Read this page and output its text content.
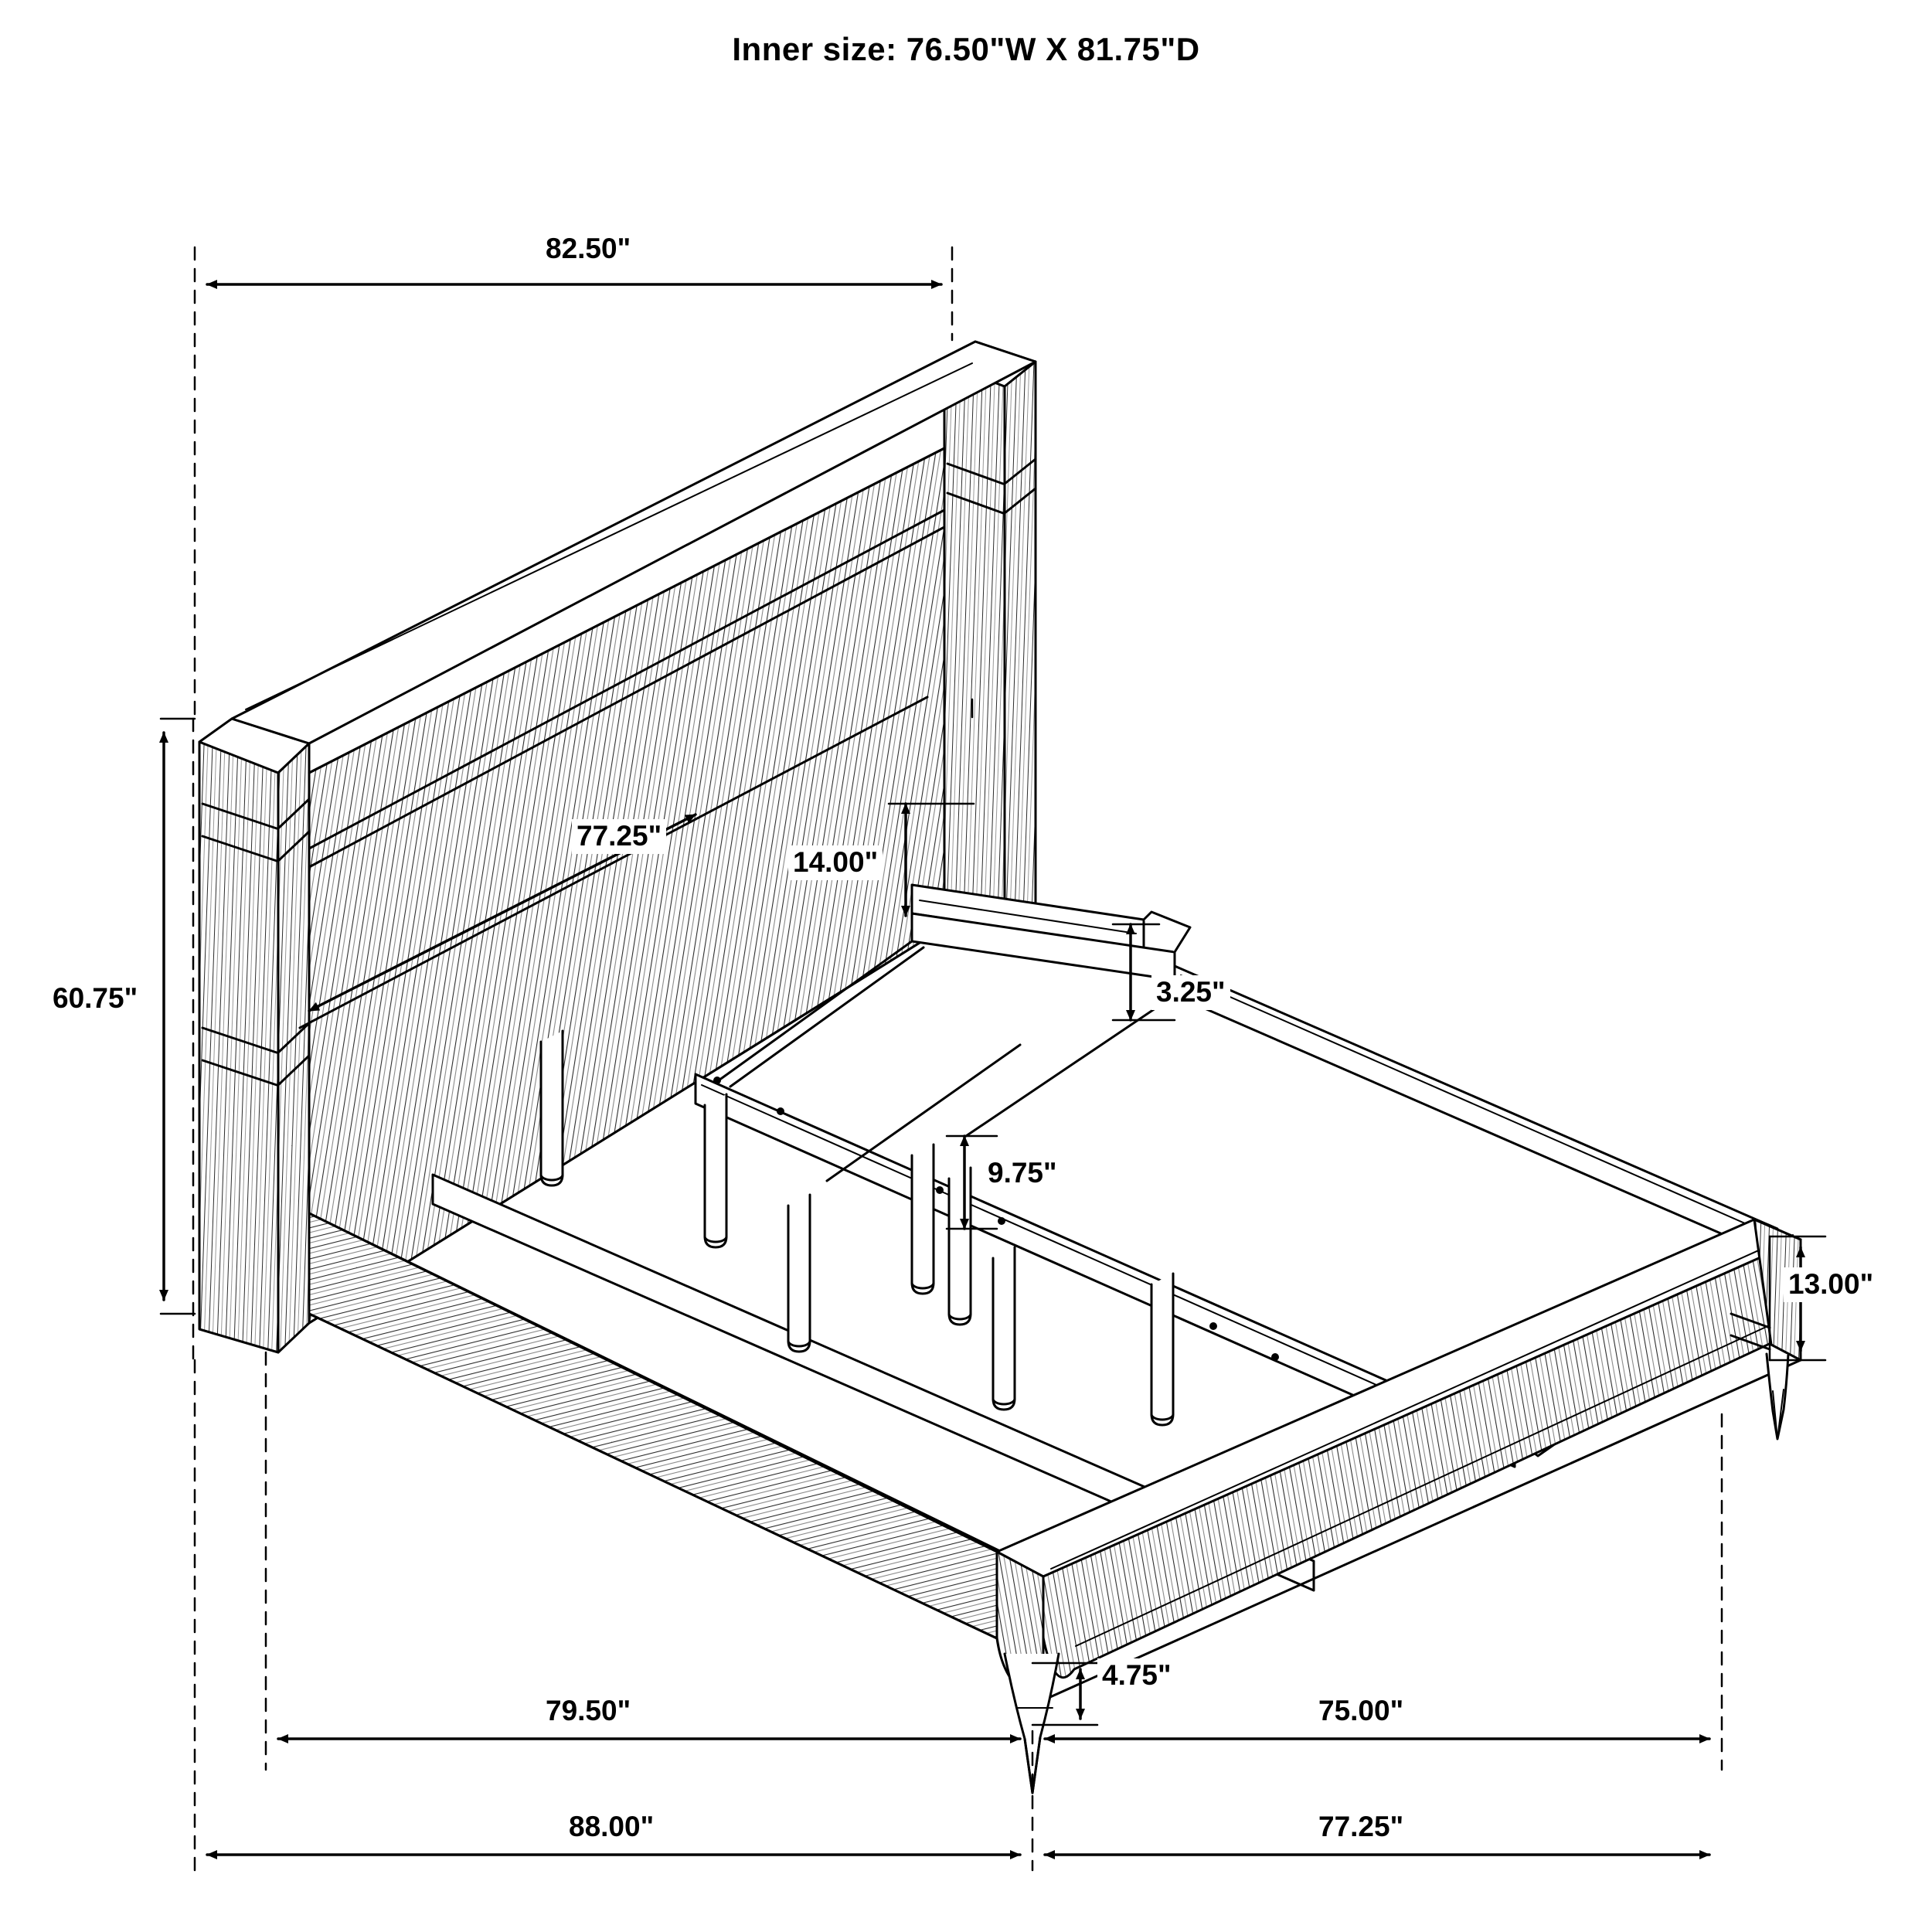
Inner size: 76.50"W X 81.75"D
82.50"
60.75"
77.25"
14.00"
3.25"
9.75"
13.00"
4.75"
79.50"	75.00"
88.00"	77.25"
